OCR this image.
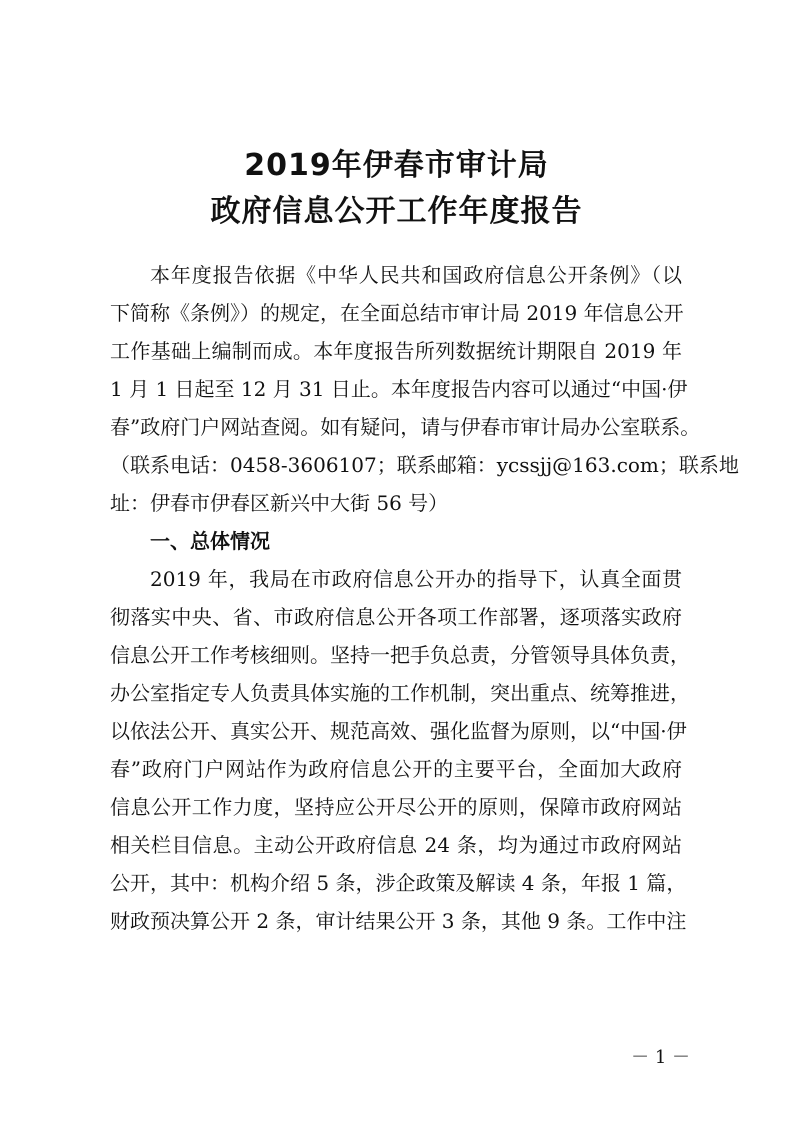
2019年伊春市审计局
政府信息公开工作年度报告
本年度报告依据《中华人民共和国政府信息公开条例》（以
下简称《条例》）的规定，在全面总结市审计局 2019 年信息公开
工作基础上编制而成。本年度报告所列数据统计期限自 2019 年
1 月 1 日起至 12 月 31 日止。本年度报告内容可以通过“中国·伊
春”政府门户网站查阅。如有疑问，请与伊春市审计局办公室联系。
（联系电话：0458-3606107；联系邮箱：ycssjj@163.com；联系地
址：伊春市伊春区新兴中大街 56 号）
一、总体情况
2019 年，我局在市政府信息公开办的指导下，认真全面贯
彻落实中央、省、市政府信息公开各项工作部署，逐项落实政府
信息公开工作考核细则。坚持一把手负总责，分管领导具体负责，
办公室指定专人负责具体实施的工作机制，突出重点、统筹推进，
以依法公开、真实公开、规范高效、强化监督为原则，以“中国·伊
春”政府门户网站作为政府信息公开的主要平台，全面加大政府
信息公开工作力度，坚持应公开尽公开的原则，保障市政府网站
相关栏目信息。主动公开政府信息 24 条，均为通过市政府网站
公开，其中：机构介绍 5 条，涉企政策及解读 4 条，年报 1 篇，
财政预决算公开 2 条，审计结果公开 3 条，其他 9 条。工作中注
－ 1 －
